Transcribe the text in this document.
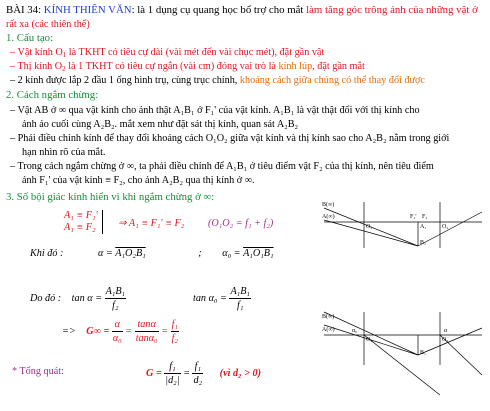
BÀI 34: KÍNH THIÊN VĂN: là 1 dụng cụ quang học bổ trợ cho mắt làm tăng góc trông ảnh của những vật ở
rất xa (các thiên thể)
1. Cấu tạo:
– Vật kính $O_1$ là TKHT có tiêu cự dài (vài mét đến vài chục mét), đặt gần vật
– Thị kính $O_2$ là 1 TKHT có tiêu cự ngắn (vài cm) đóng vai trò là kính lúp, đặt gần mắt
– 2 kính được lắp 2 đầu 1 ống hình trụ, cùng trục chính, khoảng cách giữa chúng có thể thay đổi được
2. Cách ngắm chừng:
– Vật AB ở ∞ qua vật kính cho ảnh thật A₁B₁ ở F₁' của vật kính. A₁B₁ là vật thật đối với thị kính cho
ảnh ảo cuối cùng A₂B₂. mắt xem như đặt sát thị kính, quan sát A₂B₂
– Phải điều chỉnh kính để thay đổi khoảng cách O₁O₂ giữa vật kính và thị kính sao cho A₂B₂ nằm trong giới
hạn nhìn rõ của mắt.
– Trong cách ngắm chừng ở ∞, ta phải điều chỉnh để A₁B₁ ở tiêu điểm vật F₂ của thị kính, nên tiêu điểm
ảnh F₁' của vật kính ≡ F₂, cho ảnh A₂B₂ qua thị kính ở ∞.
3. Số bội giác kính hiển vi khi ngắm chừng ở ∞:
A₁ ≡ F₁'
A₁ ≡ F₂ ⇒ A₁ ≡ F₁' ≡ F₂ (O₁O₂ = f₁ + f₂)
Khi đó :	α = A₁O₂B₁	; α₀ = A₁O₁B₁
Do đó : $\tan \alpha = \frac{\text{A₁B₁}}{\text{f₂}}$	$\tan \alpha_0 = \frac{\text{A₁B₁}}{\text{f₁}}$
=> $G\infty = \frac{\alpha}{\text{α₀}} = \frac{\tan\alpha}{\text{tanα₀}} = \frac{\text{f₁}}{\text{f₂}}$
* Tổng quát:	$G = \frac{\text{f₁}}{\text{|d₂|}} = \frac{\text{f₁}}{\text{d₂}}$ (vì d₂ > 0)
B(∞)
A(∞)
O₁
F₁' F₂
O₂
A₁
B₁
B(∞)
A(∞)	α₀	α
O₁	O₂
B₁
